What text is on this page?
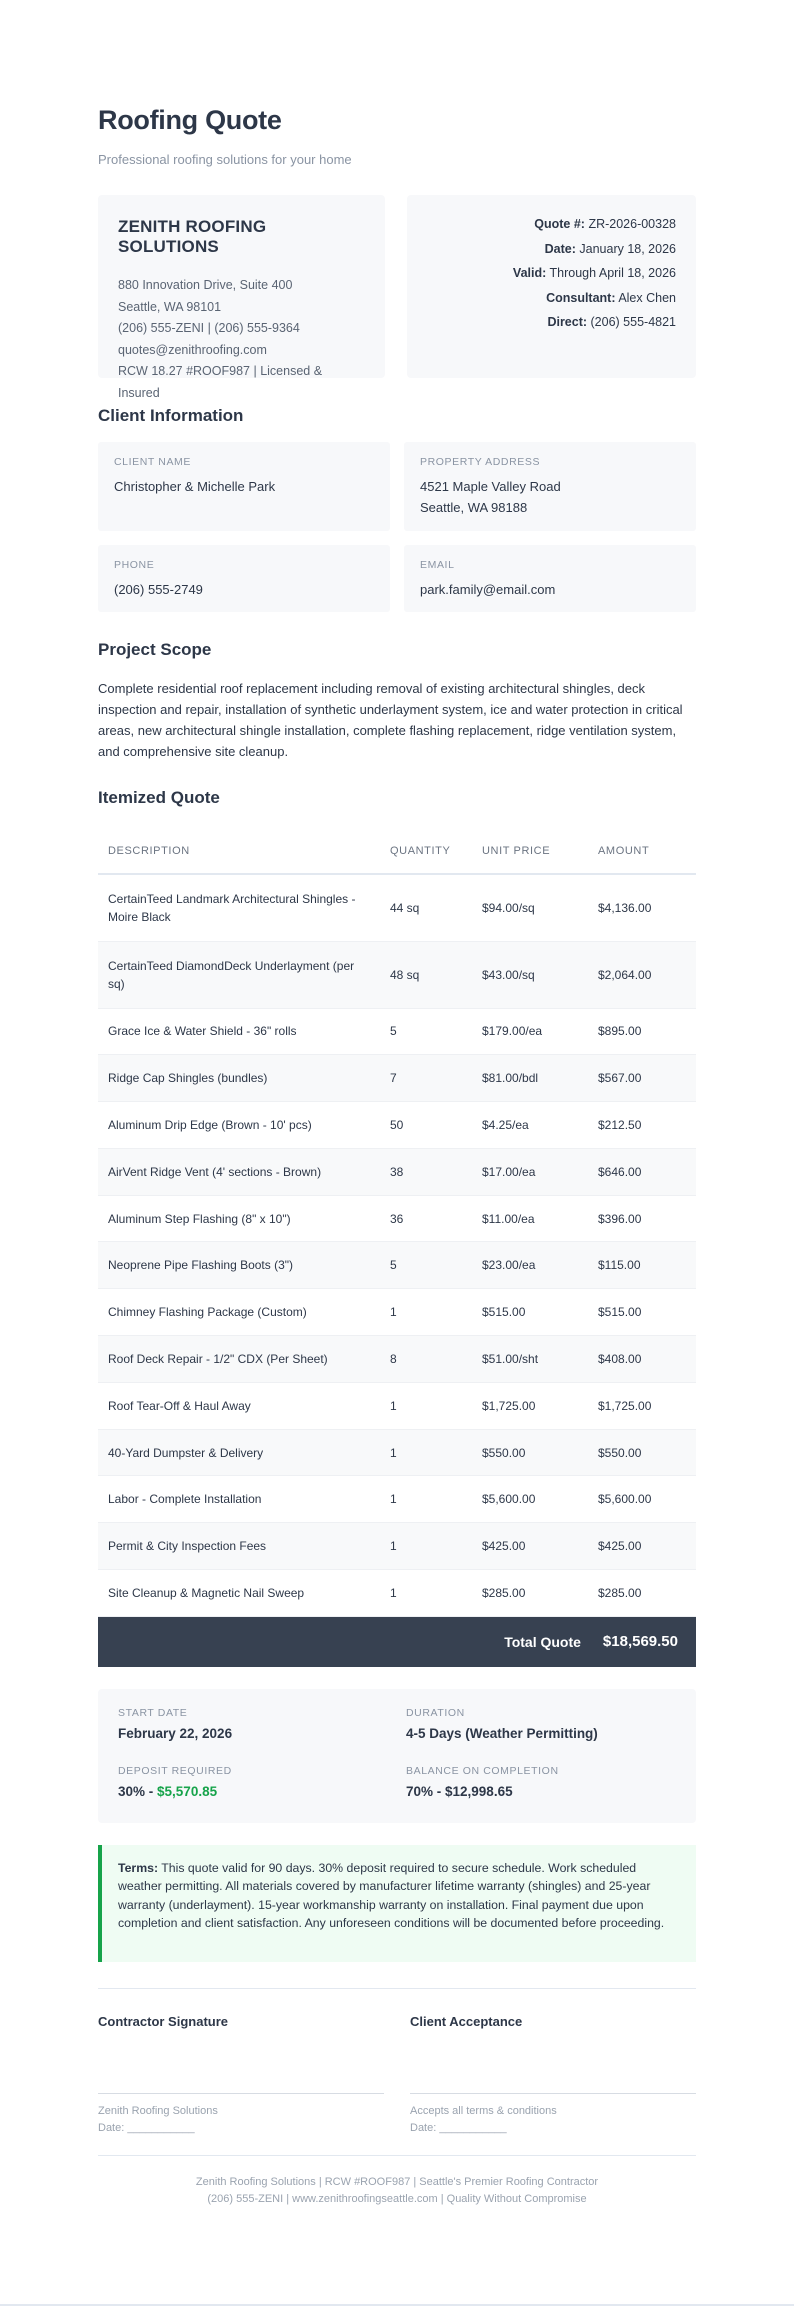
Roofing Quote
Professional roofing solutions for your home
ZENITH ROOFING SOLUTIONS
880 Innovation Drive, Suite 400
Seattle, WA 98101
(206) 555-ZENI | (206) 555-9364
quotes@zenithroofing.com
RCW 18.27 #ROOF987 | Licensed & Insured
Quote #: ZR-2026-00328
Date: January 18, 2026
Valid: Through April 18, 2026
Consultant: Alex Chen
Direct: (206) 555-4821
Client Information
CLIENT NAME
Christopher & Michelle Park
PROPERTY ADDRESS
4521 Maple Valley Road
Seattle, WA 98188
PHONE
(206) 555-2749
EMAIL
park.family@email.com
Project Scope

Complete residential roof replacement including removal of existing architectural shingles, deck inspection and repair, installation of synthetic underlayment system, ice and water protection in critical areas, new architectural shingle installation, complete flashing replacement, ridge ventilation system, and comprehensive site cleanup.

Itemized Quote
DESCRIPTION	QUANTITY	UNIT PRICE	AMOUNT
CertainTeed Landmark Architectural Shingles - Moire Black	44 sq	$94.00/sq	$4,136.00
CertainTeed DiamondDeck Underlayment (per sq)	48 sq	$43.00/sq	$2,064.00
Grace Ice & Water Shield - 36" rolls	5	$179.00/ea	$895.00
Ridge Cap Shingles (bundles)	7	$81.00/bdl	$567.00
Aluminum Drip Edge (Brown - 10' pcs)	50	$4.25/ea	$212.50
AirVent Ridge Vent (4' sections - Brown)	38	$17.00/ea	$646.00
Aluminum Step Flashing (8" x 10")	36	$11.00/ea	$396.00
Neoprene Pipe Flashing Boots (3")	5	$23.00/ea	$115.00
Chimney Flashing Package (Custom)	1	$515.00	$515.00
Roof Deck Repair - 1/2" CDX (Per Sheet)	8	$51.00/sht	$408.00
Roof Tear-Off & Haul Away	1	$1,725.00	$1,725.00
40-Yard Dumpster & Delivery	1	$550.00	$550.00
Labor - Complete Installation	1	$5,600.00	$5,600.00
Permit & City Inspection Fees	1	$425.00	$425.00
Site Cleanup & Magnetic Nail Sweep	1	$285.00	$285.00
Total Quote $18,569.50
START DATE
February 22, 2026
DURATION
4-5 Days (Weather Permitting)
DEPOSIT REQUIRED
30% - $5,570.85
BALANCE ON COMPLETION
70% - $12,998.65
Terms: This quote valid for 90 days. 30% deposit required to secure schedule. Work scheduled weather permitting. All materials covered by manufacturer lifetime warranty (shingles) and 25-year warranty (underlayment). 15-year workmanship warranty on installation. Final payment due upon completion and client satisfaction. Any unforeseen conditions will be documented before proceeding.
Contractor Signature
Zenith Roofing Solutions
Date: ___________
Client Acceptance
Accepts all terms & conditions
Date: ___________
Zenith Roofing Solutions | RCW #ROOF987 | Seattle's Premier Roofing Contractor
(206) 555-ZENI | www.zenithroofingseattle.com | Quality Without Compromise
